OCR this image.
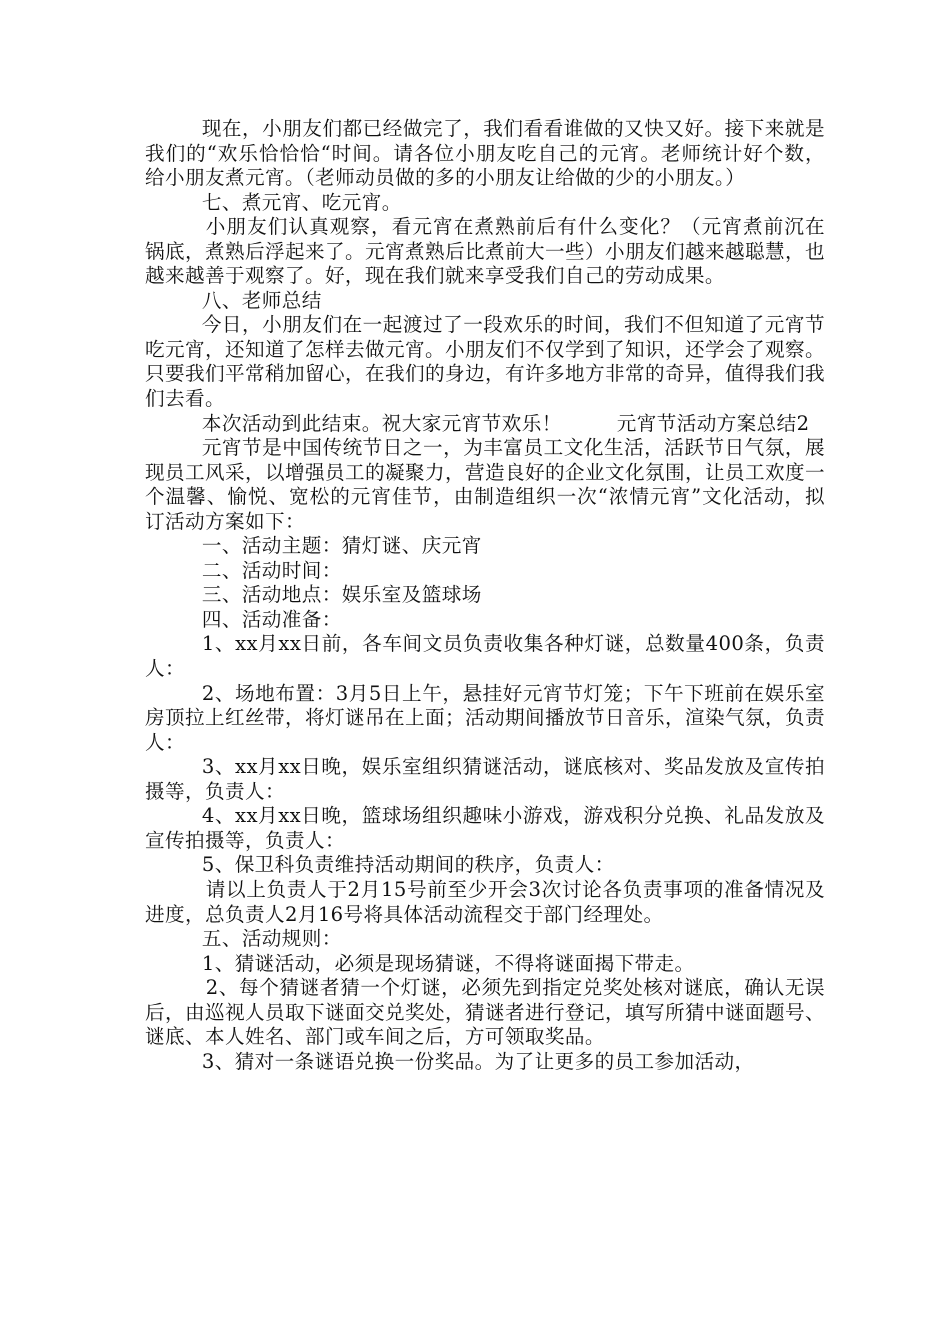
现在，小朋友们都已经做完了，我们看看谁做的又快又好。接下来就是我们的“欢乐恰恰恰“时间。请各位小朋友吃自己的元宵。老师统计好个数，给小朋友煮元宵。（老师动员做的多的小朋友让给做的少的小朋友。）

七、煮元宵、吃元宵。

小朋友们认真观察，看元宵在煮熟前后有什么变化？（元宵煮前沉在锅底，煮熟后浮起来了。元宵煮熟后比煮前大一些）小朋友们越来越聪慧，也越来越善于观察了。好，现在我们就来享受我们自己的劳动成果。

八、老师总结

今日，小朋友们在一起渡过了一段欢乐的时间，我们不但知道了元宵节吃元宵，还知道了怎样去做元宵。小朋友们不仅学到了知识，还学会了观察。只要我们平常稍加留心，在我们的身边，有许多地方非常的奇异，值得我们我们去看。

本次活动到此结束。祝大家元宵节欢乐！	元宵节活动方案总结2

元宵节是中国传统节日之一，为丰富员工文化生活，活跃节日气氛，展现员工风采，以增强员工的凝聚力，营造良好的企业文化氛围，让员工欢度一个温馨、愉悦、宽松的元宵佳节，由制造组织一次“浓情元宵”文化活动，拟订活动方案如下：

一、活动主题：猜灯谜、庆元宵

二、活动时间：

三、活动地点：娱乐室及篮球场

四、活动准备：

1、xx月xx日前，各车间文员负责收集各种灯谜，总数量400条，负责人：

2、场地布置：3月5日上午，悬挂好元宵节灯笼；下午下班前在娱乐室房顶拉上红丝带，将灯谜吊在上面；活动期间播放节日音乐，渲染气氛，负责人：

3、xx月xx日晚，娱乐室组织猜谜活动，谜底核对、奖品发放及宣传拍摄等，负责人：

4、xx月xx日晚，篮球场组织趣味小游戏，游戏积分兑换、礼品发放及宣传拍摄等，负责人：

5、保卫科负责维持活动期间的秩序，负责人：

请以上负责人于2月15号前至少开会3次讨论各负责事项的准备情况及进度，总负责人2月16号将具体活动流程交于部门经理处。

五、活动规则：

1、猜谜活动，必须是现场猜谜，不得将谜面揭下带走。

2、每个猜谜者猜一个灯谜，必须先到指定兑奖处核对谜底，确认无误后，由巡视人员取下谜面交兑奖处，猜谜者进行登记，填写所猜中谜面题号、谜底、本人姓名、部门或车间之后，方可领取奖品。

3、猜对一条谜语兑换一份奖品。为了让更多的员工参加活动，
